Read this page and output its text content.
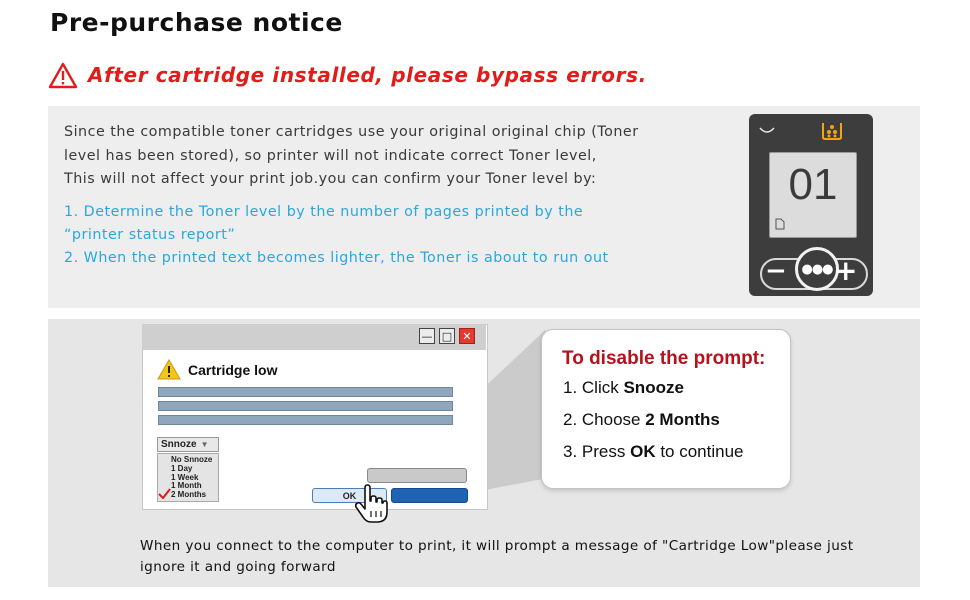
Pre-purchase notice
After cartridge installed, please bypass errors.
Since the compatible toner cartridges use your original original chip (Toner
level has been stored), so printer will not indicate correct Toner level,
This will not affect your print job.you can confirm your Toner level by:
1. Determine the Toner level by the number of pages printed by the
“printer status report”
2. When the printed text becomes lighter, the Toner is about to run out
01
−	●●● +
— □ ✕
Cartridge low
Snnoze ▼
No Snnoze
1 Day
1 Week
1 Month
2 Months	OK
To disable the prompt:
1. Click Snooze
2. Choose 2 Months
3. Press OK to continue
When you connect to the computer to print, it will prompt a message of "Cartridge Low"please just ignore it and going forward
